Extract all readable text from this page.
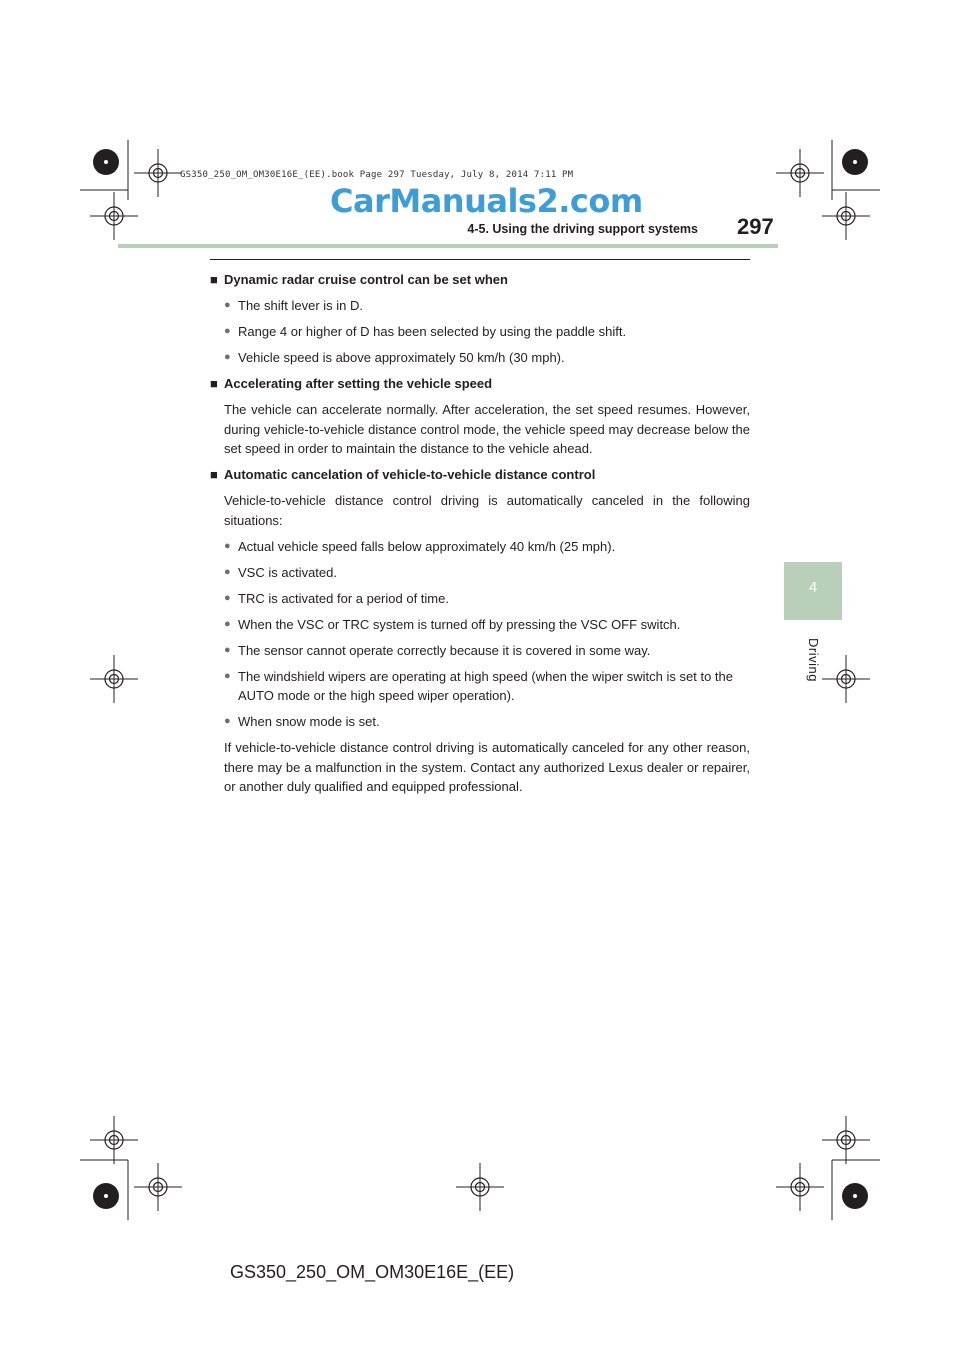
GS350_250_OM_OM30E16E_(EE).book Page 297 Tuesday, July 8, 2014 7:11 PM
CarManuals2.com
4-5. Using the driving support systems 297
4
Driving
■ Dynamic radar cruise control can be set when
● The shift lever is in D.
● Range 4 or higher of D has been selected by using the paddle shift.
● Vehicle speed is above approximately 50 km/h (30 mph).
■ Accelerating after setting the vehicle speed
The vehicle can accelerate normally. After acceleration, the set speed resumes. However, during vehicle-to-vehicle distance control mode, the vehicle speed may decrease below the set speed in order to maintain the distance to the vehicle ahead.
■ Automatic cancelation of vehicle-to-vehicle distance control
Vehicle-to-vehicle distance control driving is automatically canceled in the following situations:
● Actual vehicle speed falls below approximately 40 km/h (25 mph).
● VSC is activated.
● TRC is activated for a period of time.
● When the VSC or TRC system is turned off by pressing the VSC OFF switch.
● The sensor cannot operate correctly because it is covered in some way.
● The windshield wipers are operating at high speed (when the wiper switch is set to the AUTO mode or the high speed wiper operation).
● When snow mode is set.
If vehicle-to-vehicle distance control driving is automatically canceled for any other reason, there may be a malfunction in the system. Contact any authorized Lexus dealer or repairer, or another duly qualified and equipped professional.
GS350_250_OM_OM30E16E_(EE)
